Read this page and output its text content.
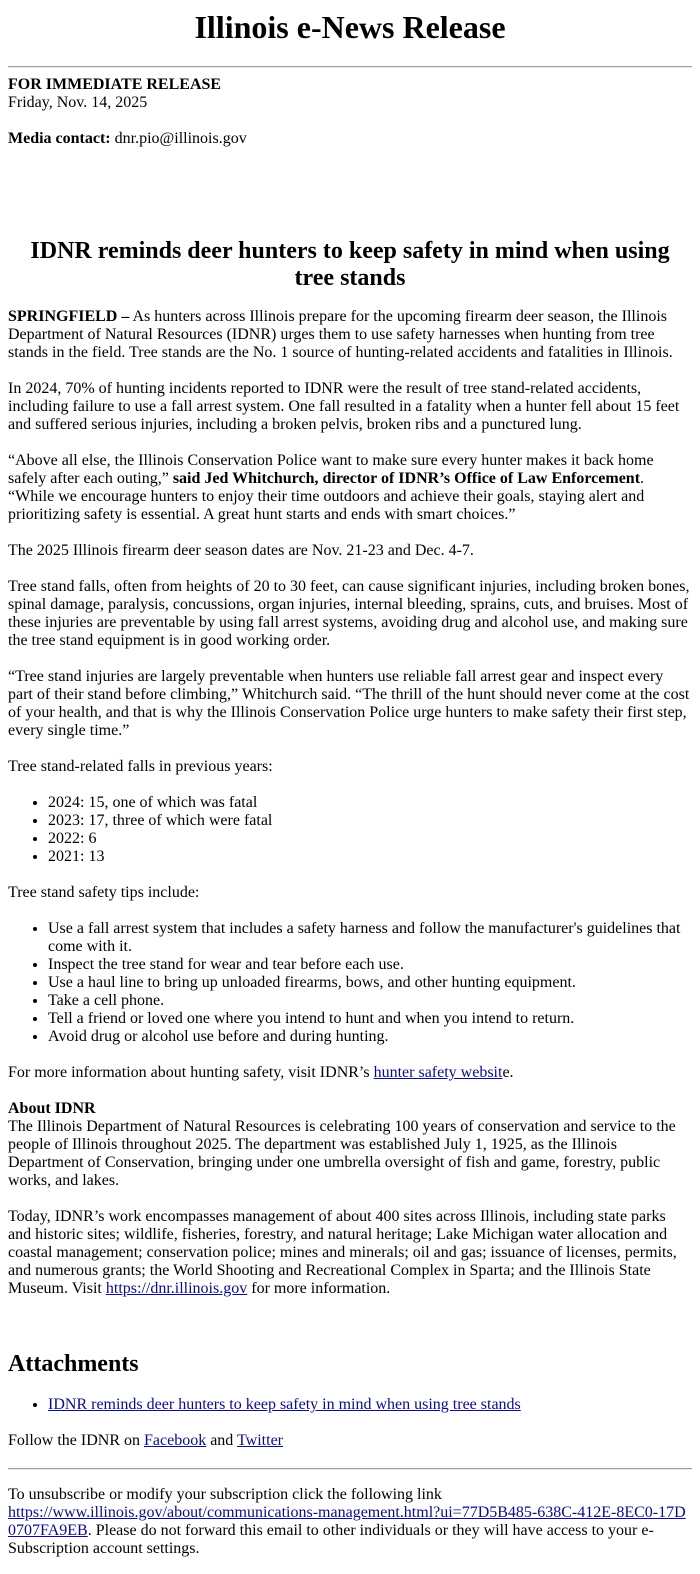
Illinois e-News Release
FOR IMMEDIATE RELEASE
Friday, Nov. 14, 2025

Media contact: dnr.pio@illinois.gov

IDNR reminds deer hunters to keep safety in mind when using tree stands

SPRINGFIELD – As hunters across Illinois prepare for the upcoming firearm deer season, the Illinois Department of Natural Resources (IDNR) urges them to use safety harnesses when hunting from tree stands in the field. Tree stands are the No. 1 source of hunting-related accidents and fatalities in Illinois.

In 2024, 70% of hunting incidents reported to IDNR were the result of tree stand-related accidents, including failure to use a fall arrest system. One fall resulted in a fatality when a hunter fell about 15 feet and suffered serious injuries, including a broken pelvis, broken ribs and a punctured lung.

“Above all else, the Illinois Conservation Police want to make sure every hunter makes it back home safely after each outing,” said Jed Whitchurch, director of IDNR’s Office of Law Enforcement. “While we encourage hunters to enjoy their time outdoors and achieve their goals, staying alert and prioritizing safety is essential. A great hunt starts and ends with smart choices.”

The 2025 Illinois firearm deer season dates are Nov. 21-23 and Dec. 4-7.

Tree stand falls, often from heights of 20 to 30 feet, can cause significant injuries, including broken bones, spinal damage, paralysis, concussions, organ injuries, internal bleeding, sprains, cuts, and bruises. Most of these injuries are preventable by using fall arrest systems, avoiding drug and alcohol use, and making sure the tree stand equipment is in good working order.

“Tree stand injuries are largely preventable when hunters use reliable fall arrest gear and inspect every part of their stand before climbing,” Whitchurch said. “The thrill of the hunt should never come at the cost of your health, and that is why the Illinois Conservation Police urge hunters to make safety their first step, every single time.”

Tree stand-related falls in previous years:

• 2024: 15, one of which was fatal
• 2023: 17, three of which were fatal
• 2022: 6
• 2021: 13

Tree stand safety tips include:

• Use a fall arrest system that includes a safety harness and follow the manufacturer's guidelines that come with it.
• Inspect the tree stand for wear and tear before each use.
• Use a haul line to bring up unloaded firearms, bows, and other hunting equipment.
• Take a cell phone.
• Tell a friend or loved one where you intend to hunt and when you intend to return.
• Avoid drug or alcohol use before and during hunting.

For more information about hunting safety, visit IDNR’s hunter safety website.

About IDNR

The Illinois Department of Natural Resources is celebrating 100 years of conservation and service to the people of Illinois throughout 2025. The department was established July 1, 1925, as the Illinois Department of Conservation, bringing under one umbrella oversight of fish and game, forestry, public works, and lakes.

Today, IDNR’s work encompasses management of about 400 sites across Illinois, including state parks and historic sites; wildlife, fisheries, forestry, and natural heritage; Lake Michigan water allocation and coastal management; conservation police; mines and minerals; oil and gas; issuance of licenses, permits, and numerous grants; the World Shooting and Recreational Complex in Sparta; and the Illinois State Museum. Visit https://dnr.illinois.gov for more information.

Attachments
• IDNR reminds deer hunters to keep safety in mind when using tree stands

Follow the IDNR on Facebook and Twitter

To unsubscribe or modify your subscription click the following link
https://www.illinois.gov/about/communications-management.html?ui=77D5B485-638C-412E-8EC0-17D0707FA9EB. Please do not forward this email to other individuals or they will have access to your e-Subscription account settings.
